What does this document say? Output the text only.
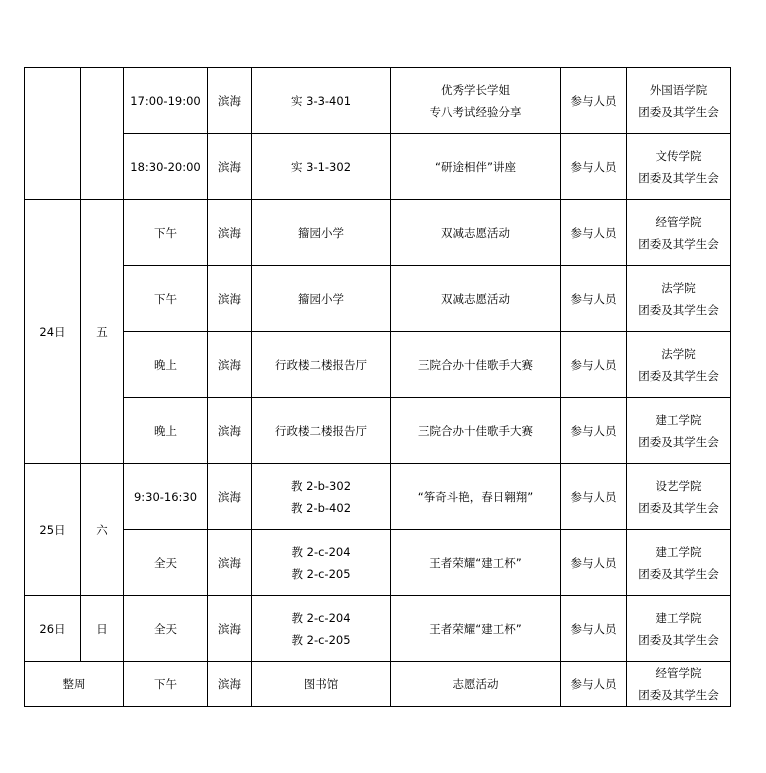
		17:00-19:00	滨海	实 3-3-401	优秀学长学姐
专八考试经验分享	参与人员	外国语学院
团委及其学生会

		18:30-20:00	滨海	实 3-1-302	“研途相伴”讲座	参与人员	文传学院
团委及其学生会

24日	五	下午	滨海	籀园小学	双减志愿活动	参与人员	经管学院
团委及其学生会

		下午	滨海	籀园小学	双减志愿活动	参与人员	法学院
团委及其学生会

		晚上	滨海	行政楼二楼报告厅	三院合办十佳歌手大赛	参与人员	法学院
团委及其学生会

		晚上	滨海	行政楼二楼报告厅	三院合办十佳歌手大赛	参与人员	建工学院
团委及其学生会

25日	六	9:30-16:30	滨海	教 2-b-302
教 2-b-402	“筝奇斗艳，春日翱翔”	参与人员	设艺学院
团委及其学生会

		全天	滨海	教 2-c-204
教 2-c-205	王者荣耀“建工杯”	参与人员	建工学院
团委及其学生会

26日	日	全天	滨海	教 2-c-204
教 2-c-205	王者荣耀“建工杯”	参与人员	建工学院
团委及其学生会

整周		下午	滨海	图书馆	志愿活动	参与人员	经管学院
团委及其学生会
